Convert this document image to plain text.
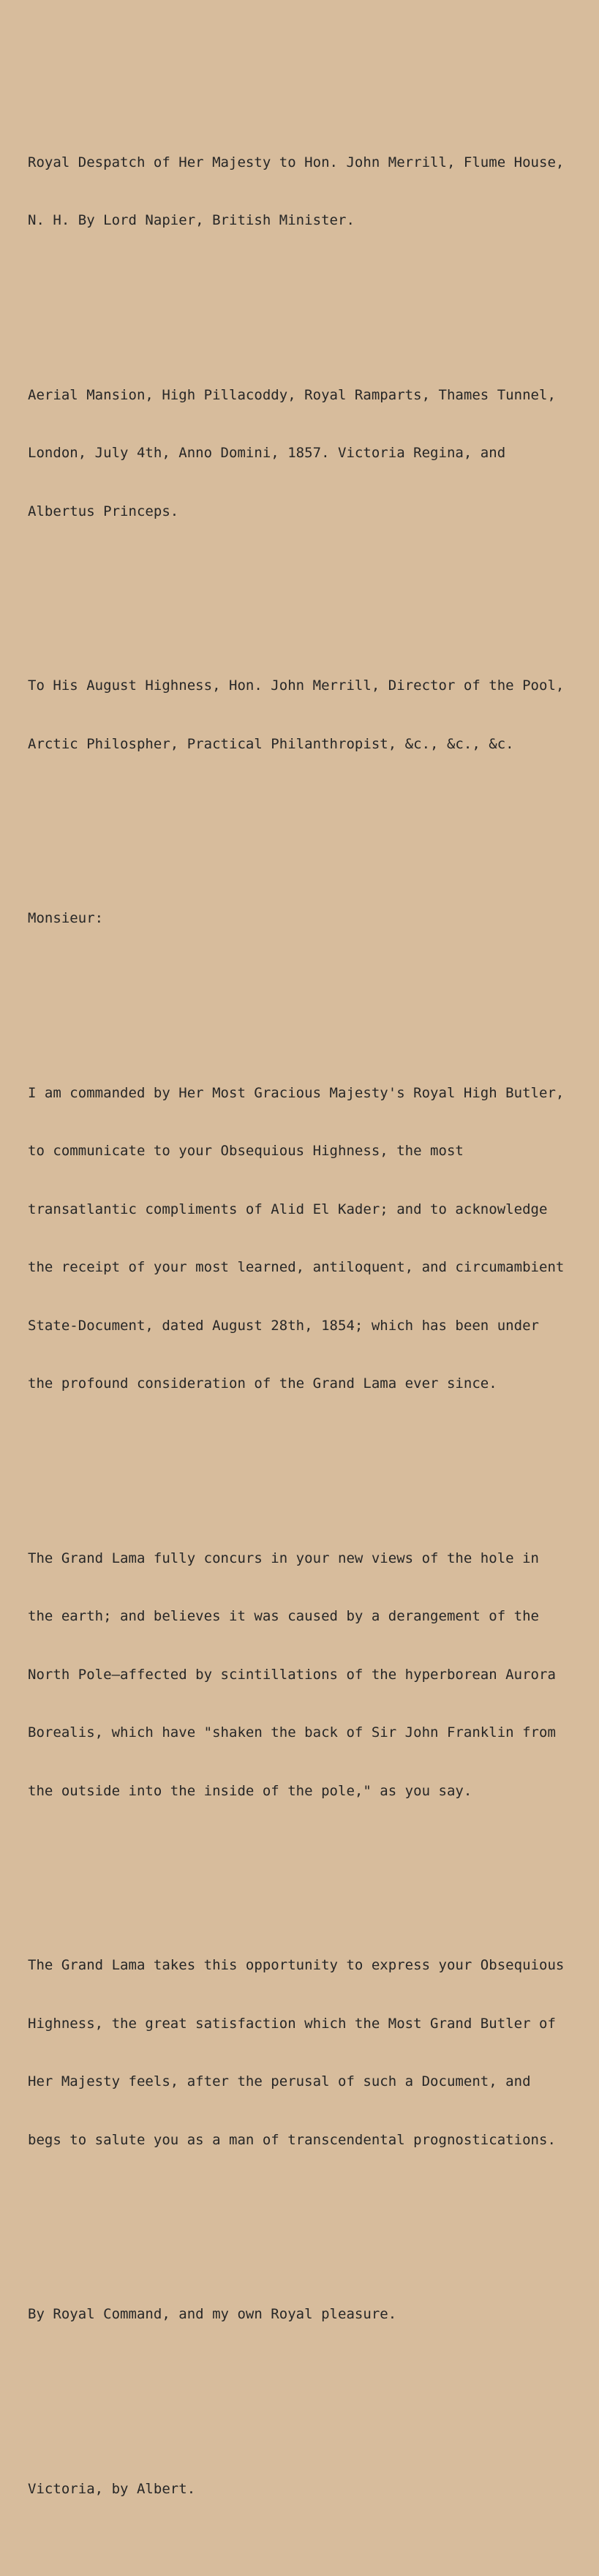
Royal Despatch of Her Majesty to Hon. John Merrill, Flume House,

N. H. By Lord Napier, British Minister.

Aerial Mansion, High Pillacoddy, Royal Ramparts, Thames Tunnel,

London, July 4th, Anno Domini, 1857. Victoria Regina, and

Albertus Princeps.

To His August Highness, Hon. John Merrill, Director of the Pool,

Arctic Philospher, Practical Philanthropist, &c., &c., &c.

Monsieur:

I am commanded by Her Most Gracious Majesty's Royal High Butler,

to communicate to your Obsequious Highness, the most

transatlantic compliments of Alid El Kader; and to acknowledge

the receipt of your most learned, antiloquent, and circumambient

State-Document, dated August 28th, 1854; which has been under

the profound consideration of the Grand Lama ever since.

The Grand Lama fully concurs in your new views of the hole in

the earth; and believes it was caused by a derangement of the

North Pole—affected by scintillations of the hyperborean Aurora

Borealis, which have "shaken the back of Sir John Franklin from

the outside into the inside of the pole," as you say.

The Grand Lama takes this opportunity to express your Obsequious

Highness, the great satisfaction which the Most Grand Butler of

Her Majesty feels, after the perusal of such a Document, and

begs to salute you as a man of transcendental prognostications.

By Royal Command, and my own Royal pleasure.

Victoria, by Albert.
